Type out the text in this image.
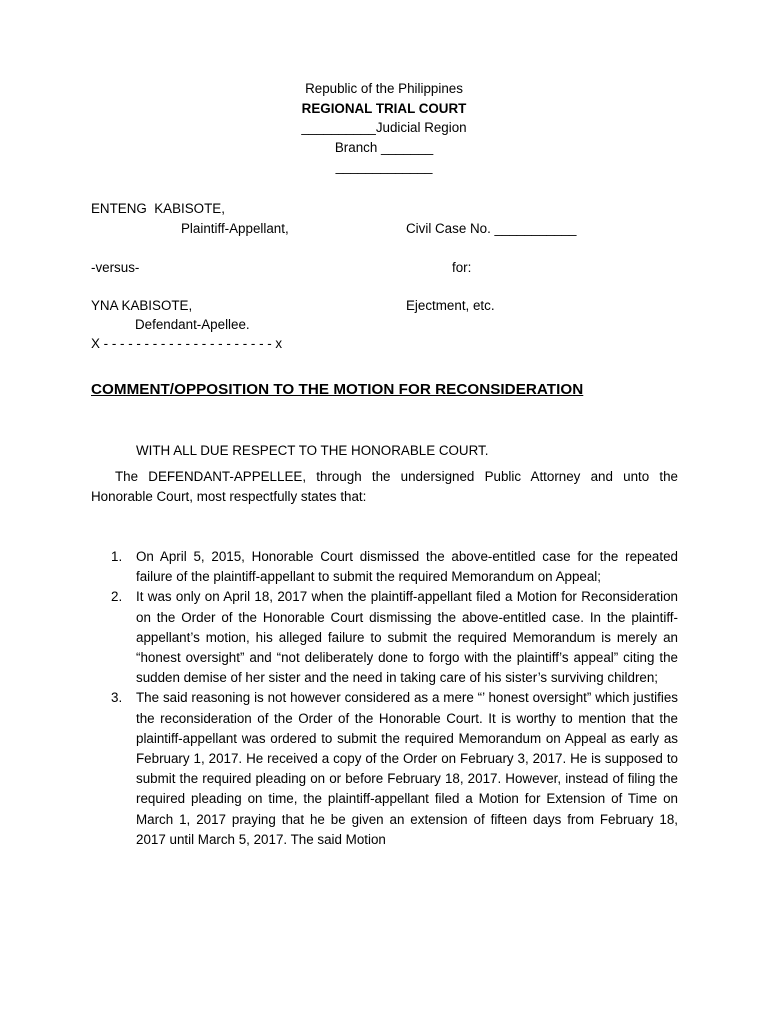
Republic of the Philippines
REGIONAL TRIAL COURT
__________Judicial Region
Branch _______
_____________
ENTENG  KABISOTE,
Plaintiff-Appellant,	Civil Case No. ___________
-versus-	for:
YNA KABISOTE,	Ejectment, etc.
Defendant-Apellee.
X - - - - - - - - - - - - - - - - - - - - - x
COMMENT/OPPOSITION TO THE MOTION FOR RECONSIDERATION
WITH ALL DUE RESPECT TO THE HONORABLE COURT.
The DEFENDANT-APPELLEE, through the undersigned Public Attorney and unto the Honorable Court, most respectfully states that:
1. On April 5, 2015, Honorable Court dismissed the above-entitled case for the repeated failure of the plaintiff-appellant to submit the required Memorandum on Appeal;
2. It was only on April 18, 2017 when the plaintiff-appellant filed a Motion for Reconsideration on the Order of the Honorable Court dismissing the above-entitled case. In the plaintiff-appellant’s motion, his alleged failure to submit the required Memorandum is merely an “honest oversight” and “not deliberately done to forgo with the plaintiff’s appeal” citing the sudden demise of her sister and the need in taking care of his sister’s surviving children;
3. The said reasoning is not however considered as a mere “’ honest oversight” which justifies the reconsideration of the Order of the Honorable Court. It is worthy to mention that the plaintiff-appellant was ordered to submit the required Memorandum on Appeal as early as February 1, 2017. He received a copy of the Order on February 3, 2017. He is supposed to submit the required pleading on or before February 18, 2017. However, instead of filing the required pleading on time, the plaintiff-appellant filed a Motion for Extension of Time on March 1, 2017 praying that he be given an extension of fifteen days from February 18, 2017 until March 5, 2017. The said Motion
